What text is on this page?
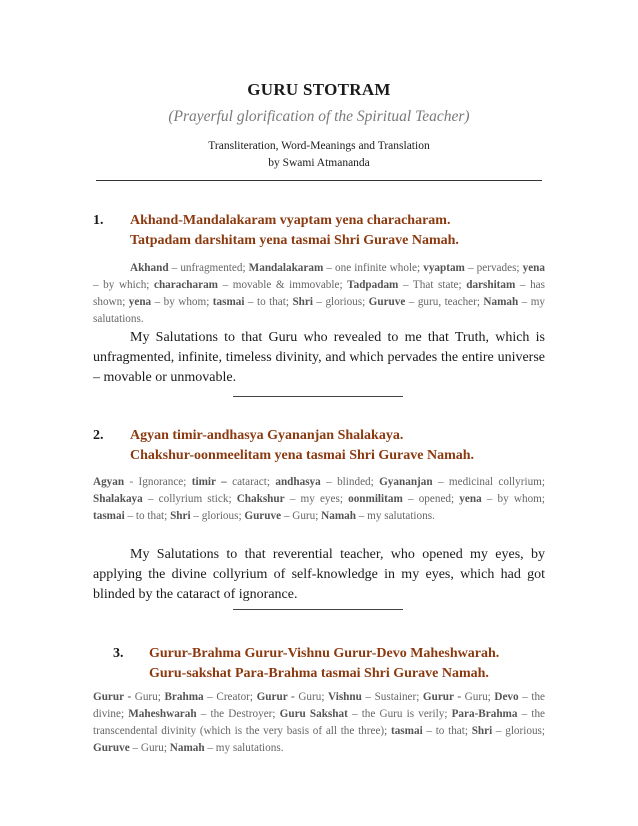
GURU STOTRAM
(Prayerful glorification of the Spiritual Teacher)
Transliteration, Word-Meanings and Translation
by Swami Atmananda
1. Akhand-Mandalakaram vyaptam yena characharam.
Tatpadam darshitam yena tasmai Shri Gurave Namah.
Akhand – unfragmented; Mandalakaram – one infinite whole; vyaptam – pervades; yena – by which; characharam – movable & immovable; Tadpadam – That state; darshitam – has shown; yena – by whom; tasmai – to that; Shri – glorious; Guruve – guru, teacher; Namah – my salutations.
My Salutations to that Guru who revealed to me that Truth, which is unfragmented, infinite, timeless divinity, and which pervades the entire universe – movable or unmovable.
2. Agyan timir-andhasya Gyananjan Shalakaya.
Chakshur-oonmeelitam yena tasmai Shri Gurave Namah.
Agyan - Ignorance; timir – cataract; andhasya – blinded; Gyananjan – medicinal collyrium; Shalakaya – collyrium stick; Chakshur – my eyes; oonmilitam – opened; yena – by whom; tasmai – to that; Shri – glorious; Guruve – Guru; Namah – my salutations.
My Salutations to that reverential teacher, who opened my eyes, by applying the divine collyrium of self-knowledge in my eyes, which had got blinded by the cataract of ignorance.
3. Gurur-Brahma Gurur-Vishnu Gurur-Devo Maheshwarah.
Guru-sakshat Para-Brahma tasmai Shri Gurave Namah.
Gurur - Guru; Brahma – Creator; Gurur - Guru; Vishnu – Sustainer; Gurur - Guru; Devo – the divine; Maheshwarah – the Destroyer; Guru Sakshat – the Guru is verily; Para-Brahma – the transcendental divinity (which is the very basis of all the three); tasmai – to that; Shri – glorious; Guruve – Guru; Namah – my salutations.
